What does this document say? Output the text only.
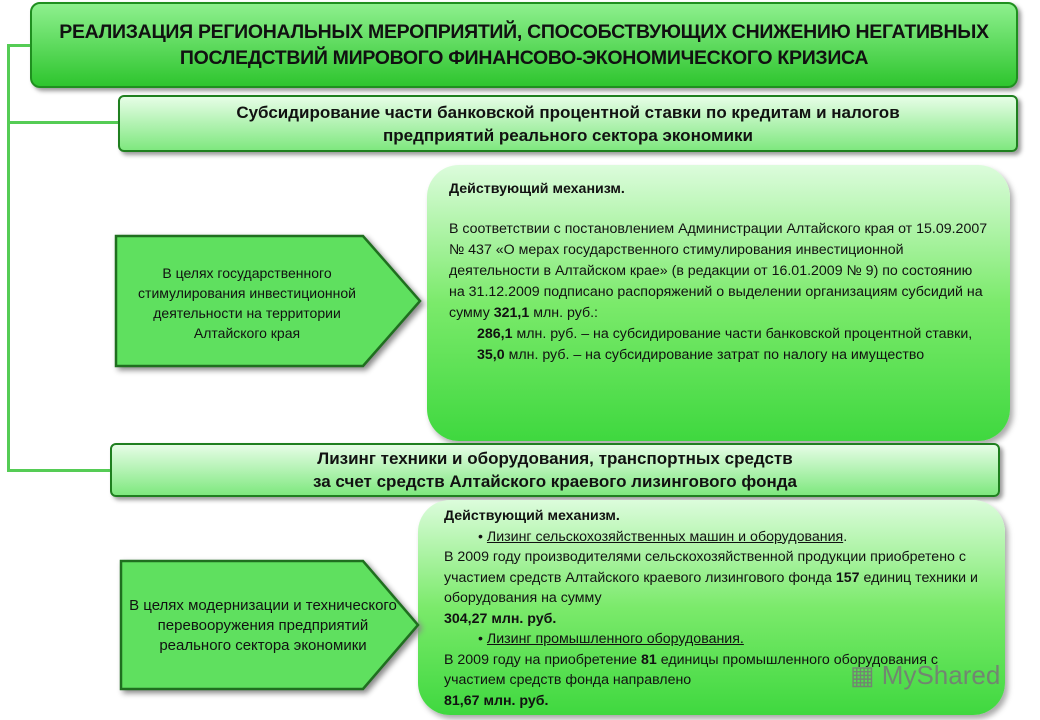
РЕАЛИЗАЦИЯ РЕГИОНАЛЬНЫХ МЕРОПРИЯТИЙ, СПОСОБСТВУЮЩИХ СНИЖЕНИЮ НЕГАТИВНЫХ ПОСЛЕДСТВИЙ МИРОВОГО ФИНАНСОВО-ЭКОНОМИЧЕСКОГО КРИЗИСА
Субсидирование части банковской процентной ставки по кредитам и налогов предприятий реального сектора экономики
Действующий механизм.
В соответствии с постановлением Администрации Алтайского края от 15.09.2007 № 437 «О мерах государственного стимулирования инвестиционной деятельности в Алтайском крае» (в редакции от 16.01.2009 № 9) по состоянию на 31.12.2009 подписано распоряжений о выделении организациям субсидий на сумму 321,1 млн. руб.:
286,1 млн. руб. – на субсидирование части банковской процентной ставки,
35,0 млн. руб. – на субсидирование затрат по налогу на имущество
В целях государственного стимулирования инвестиционной деятельности на территории Алтайского края
Лизинг техники и оборудования, транспортных средств
за счет средств Алтайского краевого лизингового фонда
Действующий механизм.
• Лизинг сельскохозяйственных машин и оборудования.
В 2009 году производителями сельскохозяйственной продукции приобретено с участием средств Алтайского краевого лизингового фонда 157 единиц техники и оборудования на сумму
304,27 млн. руб.
• Лизинг промышленного оборудования.
В 2009 году на приобретение 81 единицы промышленного оборудования с участием средств фонда направлено
81,67 млн. руб.
В целях модернизации и технического перевооружения предприятий реального сектора экономики
▦ MyShared
